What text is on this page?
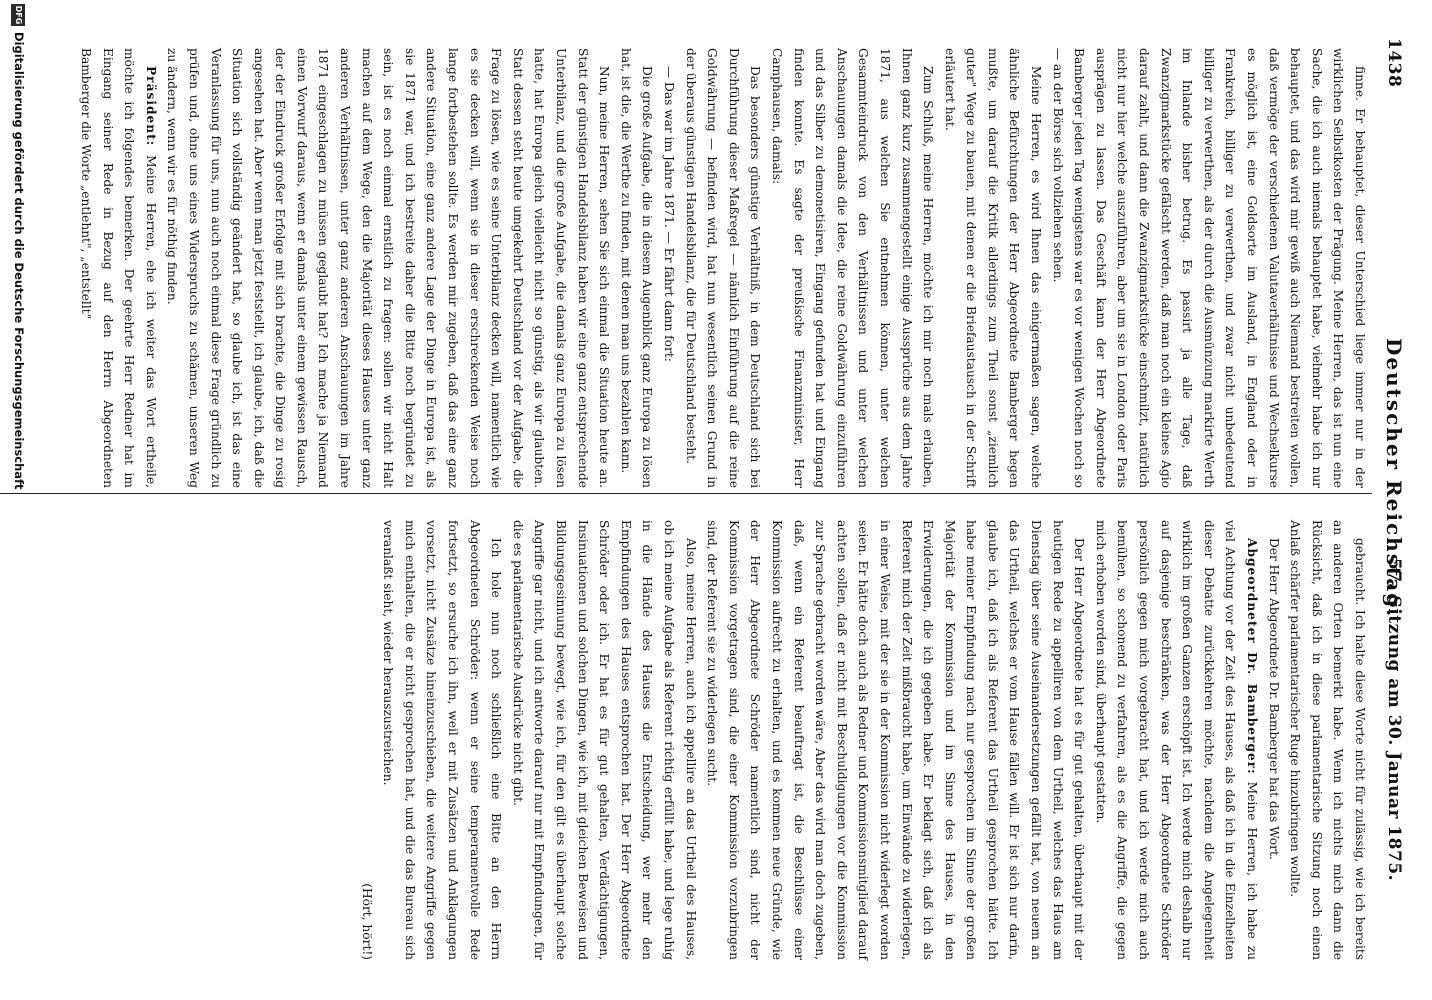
1438
Deutscher Reichstag.
57. Sitzung am 30. Januar 1875.

finne. Er behauptet, dieser Unterschied liege immer nur in der wirklichen Selbstkosten der Prägung. Meine Herren, das ist nun eine Sache, die ich auch niemals behauptet habe, vielmehr habe ich nur behauptet, und das wird mir gewiß auch Niemand bestreiten wollen, daß vermöge der verschiedenen Valutaverhältnisse und Wechselkurse es möglich ist, eine Goldsorte im Ausland, in England oder in Frankreich, billiger zu verwerthen, und zwar nicht unbedeutend billiger zu verwerthen, als der durch die Ausmünzung markirte Werth im Inlande bisher betrug. Es passirt ja alle Tage, daß Zwanzigmarkstücke gefälscht werden, daß man noch ein kleines Agio darauf zahlt, und dann die Zwanzigmarkstücke einschmilzt, natürlich nicht nur hier welche auszuführen, aber um sie in London oder Paris ausprägen zu lassen. Das Geschäft kann der Herr Abgeordnete Bamberger jeden Tag wenigstens war es vor wenigen Wochen noch so — an der Börse sich vollziehen sehen.

Meine Herren, es wird Ihnen das einigermaßen sagen, welche ähnliche Befürchtungen der Herr Abgeordnete Bamberger hegen mußte, um darauf die Kritik allerdings zum Theil sonst „ziemlich guter" Wege zu bauen, mit denen er die Briefaustausch in der Schrift erläutert hat.

Zum Schluß, meine Herren, möchte ich mir noch mals erlauben, Ihnen ganz kurz zusammengestellt einige Aussprüche aus dem Jahre 1871, aus welchen Sie entnehmen können, unter welchen Gesammteindruck von den Verhältnissen und unter welchen Anschauungen damals die Idee, die reine Goldwährung einzuführen und das Silber zu demonetisiren, Eingang gefunden hat und Eingang finden konnte. Es sagte der preußische Finanzminister, Herr Camphausen, damals:

Das besonders günstige Verhältniß, in dem Deutschland sich bei Durchführung dieser Maßregel — nämlich Einführung auf die reine Goldwährung — befinden wird, hat nun wesentlich seinen Grund in der überaus günstigen Handelsbilanz, die für Deutschland besteht.

— Das war im Jahre 1871. — Er fährt dann fort:

Die große Aufgabe, die in diesem Augenblick ganz Europa zu lösen hat, ist die, die Werthe zu finden, mit denen man uns bezahlen kann.

Nun, meine Herren, sehen Sie sich einmal die Situation heute an. Statt der günstigen Handelsbilanz haben wir eine ganz entsprechende Unterbilanz, und die große Aufgabe, die damals ganz Europa zu lösen hatte, hat Europa gleich vielleicht nicht so günstig, als wir glaubten. Statt dessen steht heute umgekehrt Deutschland vor der Aufgabe, die Frage zu lösen, wie es seine Unterbilanz decken will, namentlich wie es sie decken will, wenn sie in dieser erschreckenden Weise noch lange fortbestehen sollte. Es werden mir zugeben, daß das eine ganz andere Situation, eine ganz andere Lage der Dinge in Europa ist, als sie 1871 war, und ich bestreite daher die Bitte noch begründet zu sein, ist es noch einmal ernstlich zu fragen: sollen wir nicht Halt machen auf dem Wege, den die Majorität dieses Hauses unter ganz anderen Verhältnissen, unter ganz anderen Anschauungen im Jahre 1871 eingeschlagen zu müssen geglaubt hat? Ich mache ja Niemand einen Vorwurf daraus, wenn er damals unter einem gewissen Rausch, der der Eindruck großer Erfolge mit sich brachte, die Dinge zu rosig angesehen hat. Aber wenn man jetzt feststellt, ich glaube, ich, daß die Situation sich vollständig geändert hat, so glaube ich, ist das eine Veranlassung für uns, nun auch noch einmal diese Frage gründlich zu prüfen und, ohne uns eines Widerspruchs zu schämen, unseren Weg zu ändern, wenn wir es für nöthig finden.

Präsident: Meine Herren, ehe ich weiter das Wort ertheile, möchte ich folgendes bemerken. Der geehrte Herr Redner hat im Eingang seiner Rede in Bezug auf den Herrn Abgeordneten Bamberger die Worte „entlehnt", „entstellt"

gebraucht. Ich halte diese Worte nicht für zulässig, wie ich bereits an anderen Orten bemerkt habe. Wenn ich nichts mich dann die Rücksicht, daß ich in diese parlamentarische Sitzung noch einen Anlaß schärfer parlamentarischer Ruge hinzubringen wollte.

Der Herr Abgeordnete Dr. Bamberger hat das Wort.

Abgeordneter Dr. Bamberger: Meine Herren, ich habe zu viel Achtung vor der Zeit des Hauses, als daß ich in die Einzelheiten dieser Debatte zurückkehren möchte, nachdem die Angelegenheit wirklich im großen Ganzen erschöpft ist. Ich werde mich deshalb nur auf dasjenige beschränken, was der Herr Abgeordnete Schröder persönlich gegen mich vorgebracht hat, und ich werde mich auch bemühen, so schonend zu verfahren, als es die Angriffe, die gegen mich erhoben worden sind, überhaupt gestatten.

Der Herr Abgeordnete hat es für gut gehalten, überhaupt mit der heutigen Rede zu appelliren von dem Urtheil, welches das Haus am Dienstag über seine Auseinandersetzungen gefällt hat, von neuem an das Urtheil, welches er vom Hause fällen will. Er ist sich nur darin, glaube ich, daß ich als Referent das Urtheil gesprochen hätte. Ich habe meiner Empfindung nach nur gesprochen im Sinne der großen Majorität der Kommission und im Sinne des Hauses, in den Erwiderungen, die ich gegeben habe. Er beklagt sich, daß ich als Referent mich der Zeit mißbraucht habe, um Einwände zu widerlegen, in einer Weise, mit der sie in der Kommission nicht widerlegt worden seien. Er hätte doch auch als Redner und Kommissionsmitglied darauf achten sollen, daß er nicht mit Beschuldigungen vor die Kommission zur Sprache gebracht worden wäre, Aber das wird man doch zugeben, daß, wenn ein Referent beauftragt ist, die Beschlüsse einer Kommission aufrecht zu erhalten, und es kommen neue Gründe, wie der Herr Abgeordnete Schröder namentlich sind, nicht der Kommission vorgetragen sind, die einer Kommission vorzubringen sind, der Referent sie zu widerlegen sucht.

Also, meine Herren, auch ich appellire an das Urtheil des Hauses, ob ich meine Aufgabe als Referent richtig erfüllt habe, und lege ruhig in die Hände des Hauses die Entscheidung, wer mehr den Empfindungen des Hauses entsprochen hat. Der Herr Abgeordnete Schröder oder ich. Er hat es für gut gehalten, Verdächtigungen, Insinuationen und solchen Dingen, wie ich, mit gleichen Beweisen und Bildungsgesinnung bewegt, wie ich, für den gilt es überhaupt solche Angriffe gar nicht, und ich antworte darauf nur mit Empfindungen, für die es parlamentarische Ausdrücke nicht gibt.

Ich hole nun noch schließlich eine Bitte an den Herrn Abgeordneten Schröder: wenn er seine temperamentvolle Rede fortsetzt, so ersuche ich ihn, weil er mit Zusätzen und Anklagungen vorsetzt, nicht Zusätze hineinzuschieben, die weitere Angriffe gegen mich enthalten, die er nicht gesprochen hat, und die das Bureau sich veranlaßt sieht, wieder herauszustreichen.

(Hört, hört!)

DFG
Digitalisierung gefördert durch die Deutsche Forschungsgemeinschaft
